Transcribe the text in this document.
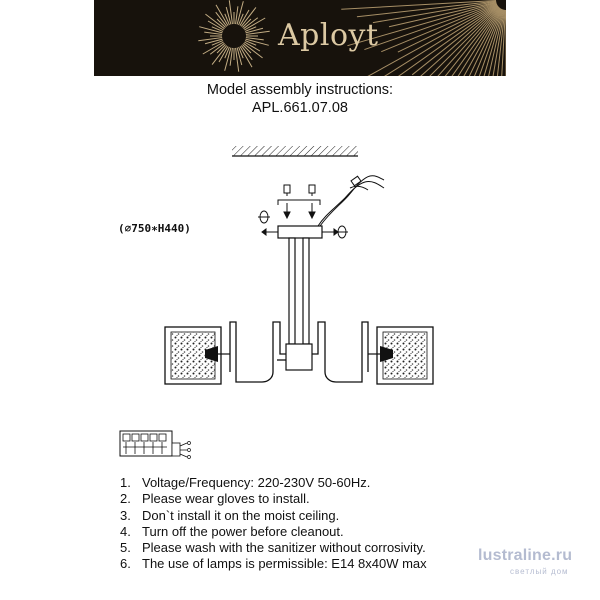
Aployt
Model assembly instructions:
APL.661.07.08
(⌀750∗H440)
1. Voltage/Frequency: 220-230V 50-60Hz.
2. Please wear gloves to install.
3. Don`t install it on the moist ceiling.
4. Turn off the power before cleanout.
5. Please wash with the sanitizer without corrosivity.
6. The use of lamps is permissible: E14 8x40W max	lustraline.ru
светлый дом
